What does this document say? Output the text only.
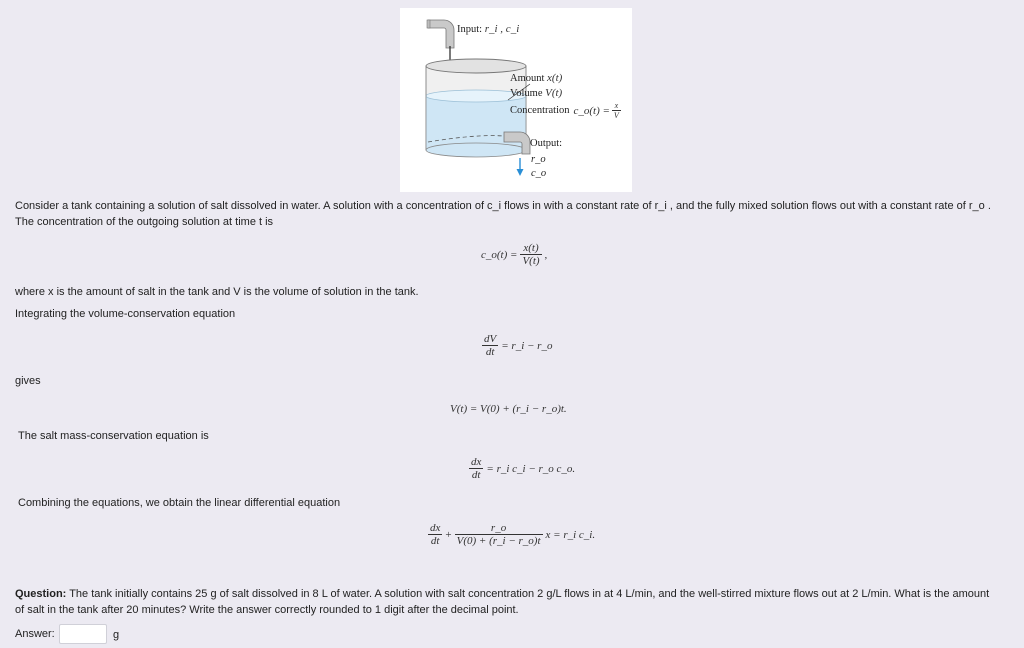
Input: r_i , c_i
Amount x(t)
Volume V(t)
Concentration c_o(t) = $\frac{x}{V}$
Output:
r_o
c_o
Consider a tank containing a solution of salt dissolved in water. A solution with a concentration of c_i flows in with a constant rate of r_i , and the fully mixed solution flows out with a constant rate of r_o .
The concentration of the outgoing solution at time t is
c_o(t) = $\frac{x(t)}{V(t)}$ ,
where x is the amount of salt in the tank and V is the volume of solution in the tank.
Integrating the volume-conservation equation
$\frac{dV}{dt}$ = r_i − r_o
gives
V(t) = V(0) + (r_i − r_o)t.
The salt mass-conservation equation is
$\frac{dx}{dt}$ = r_i c_i − r_o c_o.
Combining the equations, we obtain the linear differential equation
$\frac{dx}{dt} + \frac{r\_o}{V(0) + (r\_i - r\_o)t}$ x = r_i c_i.
Question: The tank initially contains 25 g of salt dissolved in 8 L of water. A solution with salt concentration 2 g/L flows in at 4 L/min, and the well-stirred mixture flows out at 2 L/min. What is the amount
of salt in the tank after 20 minutes? Write the answer correctly rounded to 1 digit after the decimal point.
Answer:	g
